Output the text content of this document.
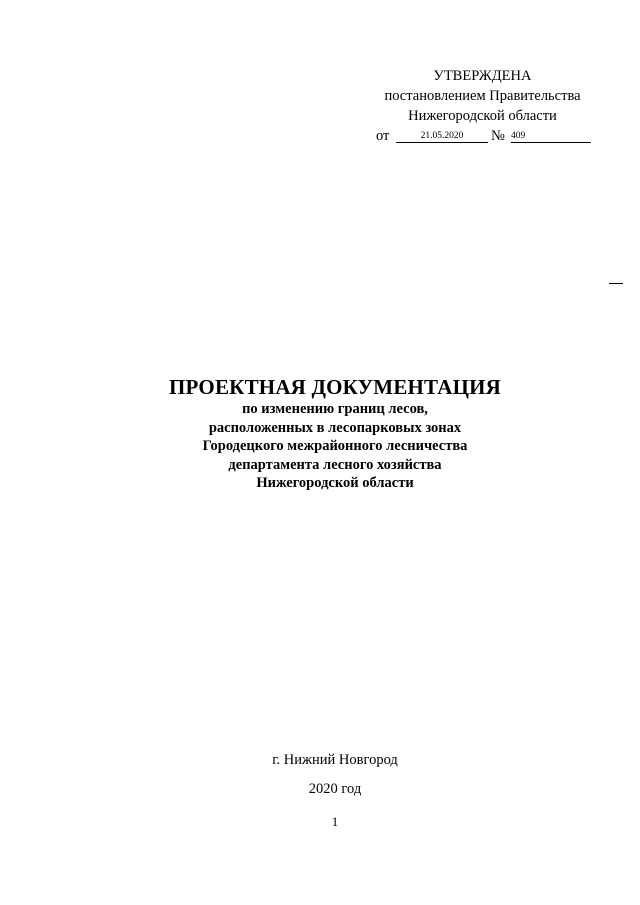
УТВЕРЖДЕНА
постановлением Правительства
Нижегородской области
от	21.05.2020	№ 409
ПРОЕКТНАЯ ДОКУМЕНТАЦИЯ
по изменению границ лесов,
расположенных в лесопарковых зонах
Городецкого межрайонного лесничества
департамента лесного хозяйства
Нижегородской области
г. Нижний Новгород
2020 год
1
